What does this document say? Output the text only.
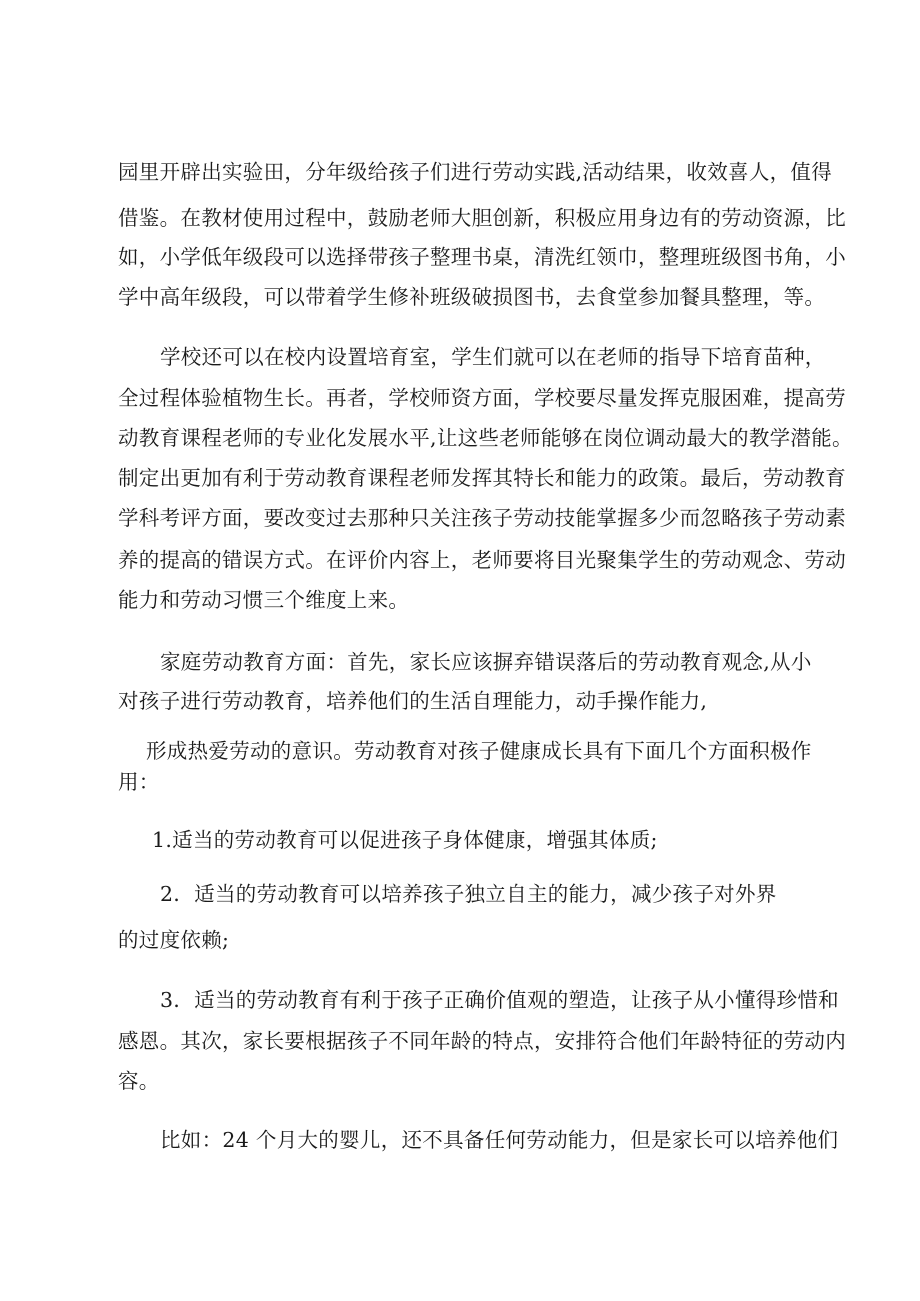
园里开辟出实验田，分年级给孩子们进行劳动实践,活动结果，收效喜人，值得

借鉴。在教材使用过程中，鼓励老师大胆创新，积极应用身边有的劳动资源，比

如，小学低年级段可以选择带孩子整理书桌，清洗红领巾，整理班级图书角，小

学中高年级段，可以带着学生修补班级破损图书，去食堂参加餐具整理，等。

学校还可以在校内设置培育室，学生们就可以在老师的指导下培育苗种，

全过程体验植物生长。再者，学校师资方面，学校要尽量发挥克服困难，提高劳

动教育课程老师的专业化发展水平,让这些老师能够在岗位调动最大的教学潜能。

制定出更加有利于劳动教育课程老师发挥其特长和能力的政策。最后，劳动教育

学科考评方面，要改变过去那种只关注孩子劳动技能掌握多少而忽略孩子劳动素

养的提高的错误方式。在评价内容上，老师要将目光聚集学生的劳动观念、劳动

能力和劳动习惯三个维度上来。

家庭劳动教育方面：首先，家长应该摒弃错误落后的劳动教育观念,从小

对孩子进行劳动教育，培养他们的生活自理能力，动手操作能力,

形成热爱劳动的意识。劳动教育对孩子健康成长具有下面几个方面积极作

用：

1.适当的劳动教育可以促进孩子身体健康，增强其体质;

2．适当的劳动教育可以培养孩子独立自主的能力，减少孩子对外界

的过度依赖;

3．适当的劳动教育有利于孩子正确价值观的塑造，让孩子从小懂得珍惜和

感恩。其次，家长要根据孩子不同年龄的特点，安排符合他们年龄特征的劳动内

容。

比如：24 个月大的婴儿，还不具备任何劳动能力，但是家长可以培养他们
